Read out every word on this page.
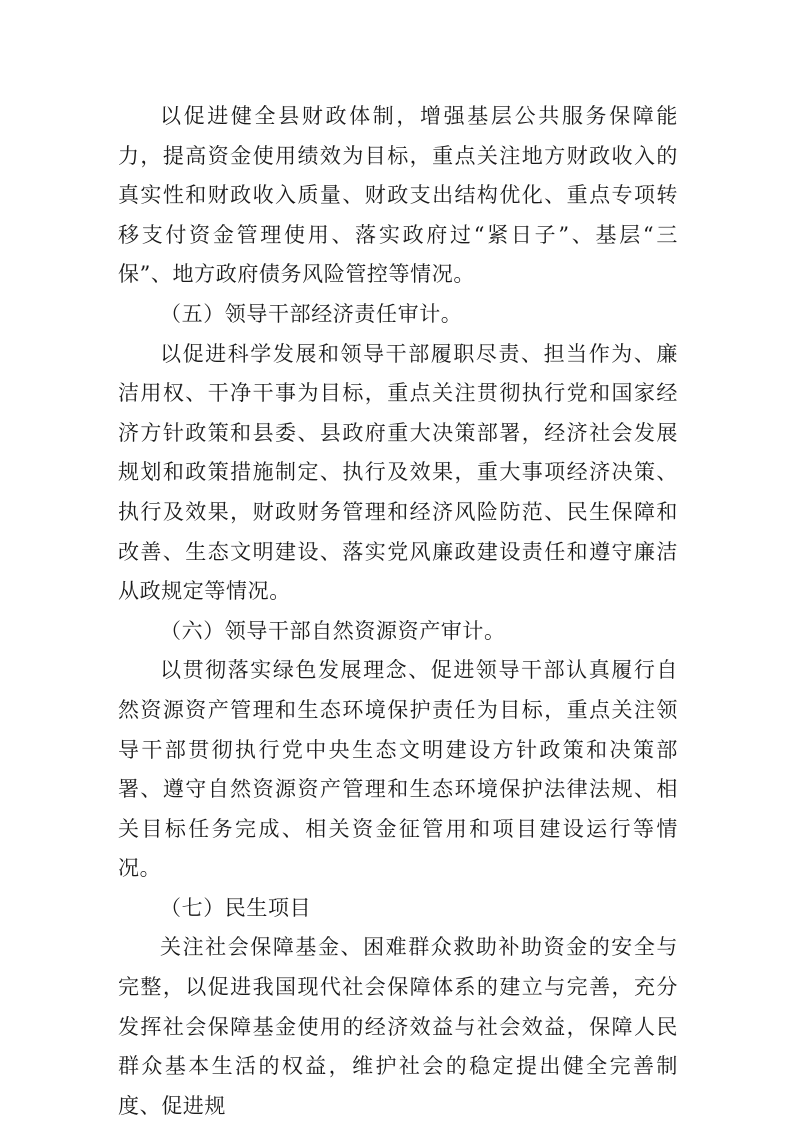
以促进健全县财政体制，增强基层公共服务保障能力，提高资金使用绩效为目标，重点关注地方财政收入的真实性和财政收入质量、财政支出结构优化、重点专项转移支付资金管理使用、落实政府过“紧日子”、基层“三保”、地方政府债务风险管控等情况。

（五）领导干部经济责任审计。

以促进科学发展和领导干部履职尽责、担当作为、廉洁用权、干净干事为目标，重点关注贯彻执行党和国家经济方针政策和县委、县政府重大决策部署，经济社会发展规划和政策措施制定、执行及效果，重大事项经济决策、执行及效果，财政财务管理和经济风险防范、民生保障和改善、生态文明建设、落实党风廉政建设责任和遵守廉洁从政规定等情况。

（六）领导干部自然资源资产审计。

以贯彻落实绿色发展理念、促进领导干部认真履行自然资源资产管理和生态环境保护责任为目标，重点关注领导干部贯彻执行党中央生态文明建设方针政策和决策部署、遵守自然资源资产管理和生态环境保护法律法规、相关目标任务完成、相关资金征管用和项目建设运行等情况。

（七）民生项目

关注社会保障基金、困难群众救助补助资金的安全与完整，以促进我国现代社会保障体系的建立与完善，充分发挥社会保障基金使用的经济效益与社会效益，保障人民群众基本生活的权益，维护社会的稳定提出健全完善制度、促进规
